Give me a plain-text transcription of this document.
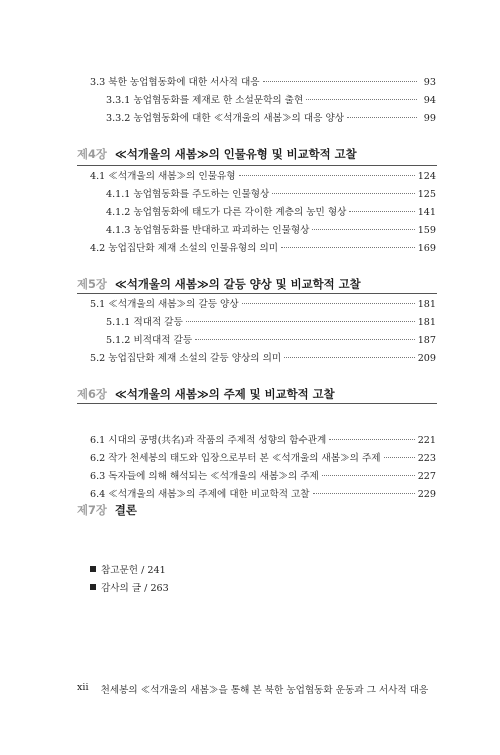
3.3 북한 농업협동화에 대한 서사적 대응	93
3.3.1 농업협동화를 제재로 한 소설문학의 출현	94
3.3.2 농업협동화에 대한 ≪석개울의 새봄≫의 대응 양상	99
제4장 ≪석개울의 새봄≫의 인물유형 및 비교학적 고찰
4.1 ≪석개울의 새봄≫의 인물유형	124
4.1.1 농업협동화를 주도하는 인물형상	125
4.1.2 농업협동화에 태도가 다른 각이한 계층의 농민 형상	141
4.1.3 농업협동화를 반대하고 파괴하는 인물형상	159
4.2 농업집단화 제재 소설의 인물유형의 의미	169
제5장 ≪석개울의 새봄≫의 갈등 양상 및 비교학적 고찰
5.1 ≪석개울의 새봄≫의 갈등 양상	181
5.1.1 적대적 갈등	181
5.1.2 비적대적 갈등	187
5.2 농업집단화 제재 소설의 갈등 양상의 의미	209
제6장 ≪석개울의 새봄≫의 주제 및 비교학적 고찰
6.1 시대의 공명(共名)과 작품의 주제적 성향의 함수관계	221
6.2 작가 천세봉의 태도와 입장으로부터 본 ≪석개울의 새봄≫의 주제	223
6.3 독자들에 의해 해석되는 ≪석개울의 새봄≫의 주제	227
6.4 ≪석개울의 새봄≫의 주제에 대한 비교학적 고찰	229
제7장 결론
참고문헌 / 241
감사의 글 / 263
xii 천세봉의 ≪석개울의 새봄≫을 통해 본 북한 농업협동화 운동과 그 서사적 대응
